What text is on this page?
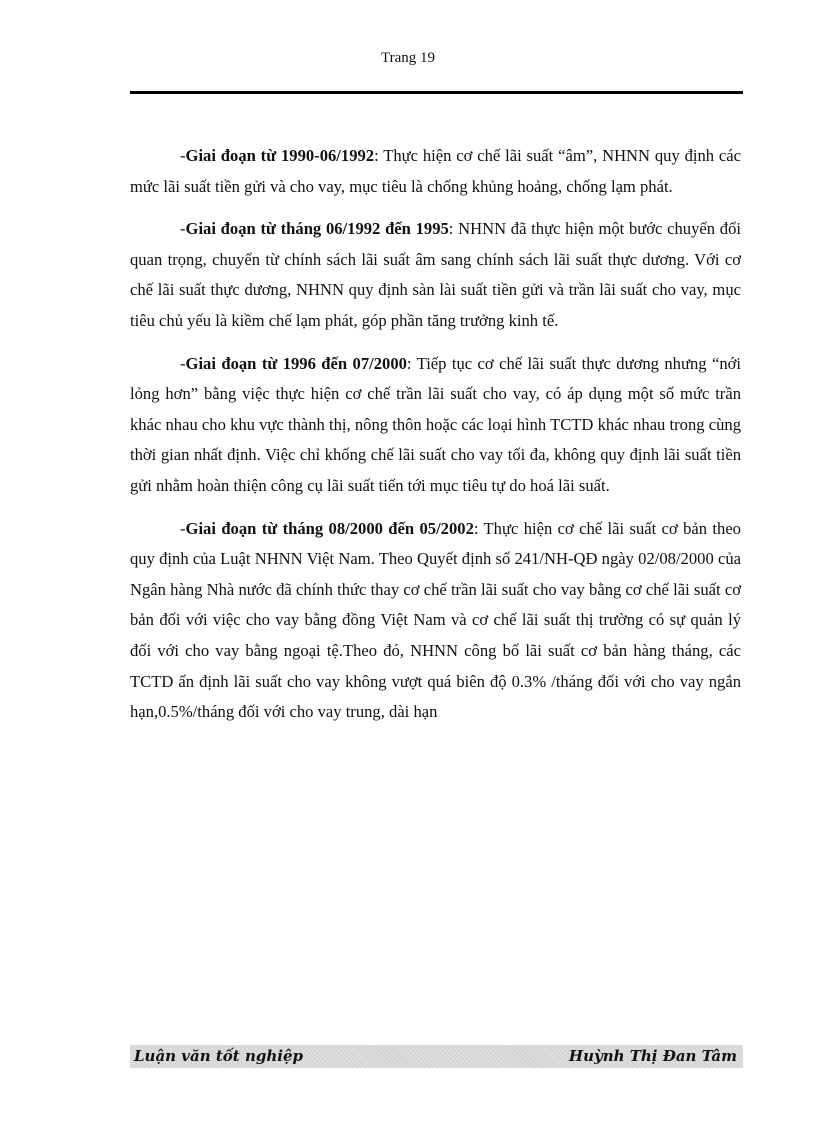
Trang 19

-Giai đoạn từ 1990-06/1992: Thực hiện cơ chế lãi suất “âm”, NHNN quy định các mức lãi suất tiền gửi và cho vay, mục tiêu là chống khủng hoảng, chống lạm phát.

-Giai đoạn từ tháng 06/1992 đến 1995: NHNN đã thực hiện một bước chuyển đổi quan trọng, chuyển từ chính sách lãi suất âm sang chính sách lãi suất thực dương. Với cơ chế lãi suất thực dương, NHNN quy định sàn lài suất tiền gửi và trần lãi suất cho vay, mục tiêu chủ yếu là kiềm chế lạm phát, góp phần tăng trưởng kinh tế.

-Giai đoạn từ 1996 đến 07/2000: Tiếp tục cơ chế lãi suất thực dương nhưng “nới lỏng hơn” bằng việc thực hiện cơ chế trần lãi suất cho vay, có áp dụng một số mức trần khác nhau cho khu vực thành thị, nông thôn hoặc các loại hình TCTD khác nhau trong cùng thời gian nhất định. Việc chỉ khống chế lãi suất cho vay tối đa, không quy định lãi suất tiền gửi nhằm hoàn thiện công cụ lãi suất tiến tới mục tiêu tự do hoá lãi suất.

-Giai đoạn từ tháng 08/2000 đến 05/2002: Thực hiện cơ chế lãi suất cơ bản theo quy định của Luật NHNN Việt Nam. Theo Quyết định số 241/NH-QĐ ngày 02/08/2000 của Ngân hàng Nhà nước đã chính thức thay cơ chế trần lãi suất cho vay bằng cơ chế lãi suất cơ bản đối với việc cho vay bằng đồng Việt Nam và cơ chế lãi suất thị trường có sự quản lý đối với cho vay bằng ngoại tệ.Theo đó, NHNN công bố lãi suất cơ bản hàng tháng, các TCTD ấn định lãi suất cho vay không vượt quá biên độ 0.3% /tháng đối với cho vay ngắn hạn,0.5%/tháng đối với cho vay trung, dài hạn

Luận văn tốt nghiệp	Huỳnh Thị Đan Tâm
